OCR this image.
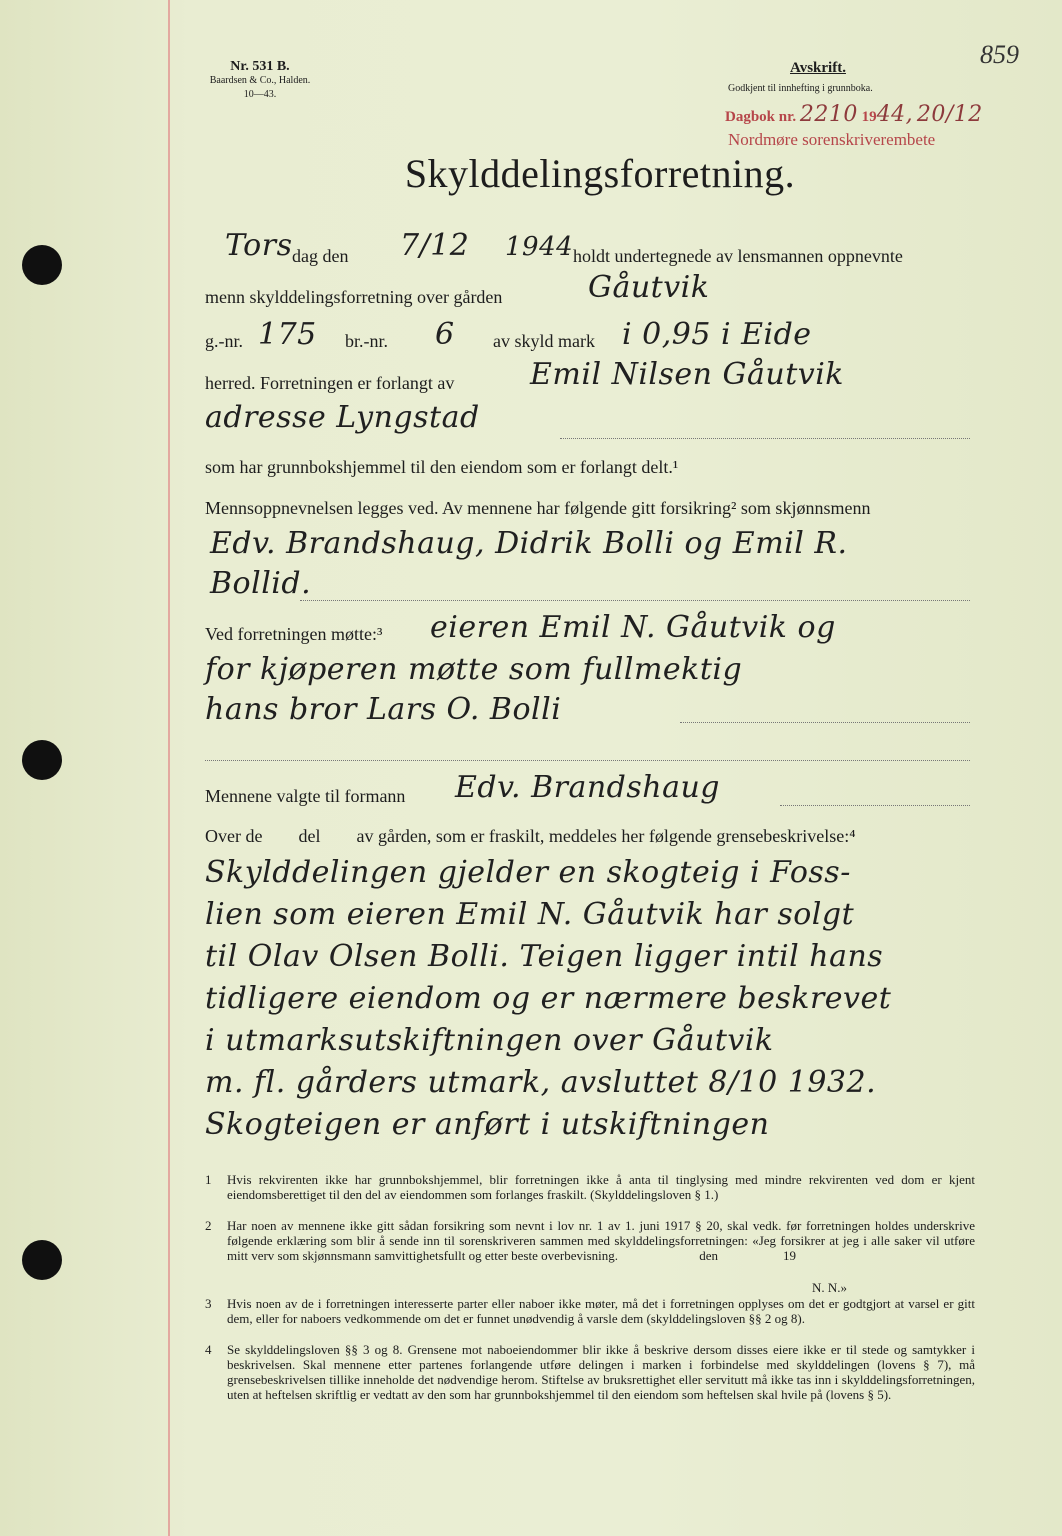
Nr. 531 B.
Baardsen & Co., Halden.
10—43.
Avskrift.
Godkjent til innhefting i grunnboka.
859
Dagbok nr. 2210 1944, 20/12
Nordmøre sorenskriverembete
Skylddelingsforretning.
Tors dag den 7/12 1944 holdt undertegnede av lensmannen oppnevnte
menn skylddelingsforretning over gården	Gåutvik
g.-nr. 175 br.-nr. 6 av skyld mark i 0,95 i Eide
herred. Forretningen er forlangt av	Emil Nilsen Gåutvik
adresse Lyngstad
som har grunnbokshjemmel til den eiendom som er forlangt delt.¹
Mennsoppnevnelsen legges ved. Av mennene har følgende gitt forsikring² som skjønnsmenn
Edv. Brandshaug, Didrik Bolli og Emil R.
Bollid.
Ved forretningen møtte:³ eieren Emil N. Gåutvik og
for kjøperen møtte som fullmektig
hans bror Lars O. Bolli
Mennene valgte til formann Edv. Brandshaug
Over de        del        av gården, som er fraskilt, meddeles her følgende grensebeskrivelse:⁴
Skylddelingen gjelder en skogteig i Foss-
lien som eieren Emil N. Gåutvik har solgt
til Olav Olsen Bolli. Teigen ligger intil hans
tidligere eiendom og er nærmere beskrevet
i utmarksutskiftningen over Gåutvik
m. fl. gårders utmark, avsluttet 8/10 1932.
Skogteigen er anført i utskiftningen
1 Hvis rekvirenten ikke har grunnbokshjemmel, blir forretningen ikke å anta til tinglysing med mindre rekvirenten ved dom er kjent eiendomsberettiget til den del av eiendommen som forlanges fraskilt. (Skylddelingsloven § 1.)
2 Har noen av mennene ikke gitt sådan forsikring som nevnt i lov nr. 1 av 1. juni 1917 § 20, skal vedk. før forretningen holdes underskrive følgende erklæring som blir å sende inn til sorenskriveren sammen med skylddelingsforretningen: «Jeg forsikrer at jeg i alle saker vil utføre mitt verv som skjønnsmann samvittighetsfullt og etter beste overbevisning.                         den                    19
N. N.»
3 Hvis noen av de i forretningen interesserte parter eller naboer ikke møter, må det i forretningen opplyses om det er godtgjort at varsel er gitt dem, eller for naboers vedkommende om det er funnet unødvendig å varsle dem (skylddelingsloven §§ 2 og 8).
4 Se skylddelingsloven §§ 3 og 8. Grensene mot naboeiendommer blir ikke å beskrive dersom disses eiere ikke er til stede og samtykker i beskrivelsen. Skal mennene etter partenes forlangende utføre delingen i marken i forbindelse med skylddelingen (lovens § 7), må grensebeskrivelsen tillike inneholde det nødvendige herom. Stiftelse av bruksrettighet eller servitutt må ikke tas inn i skylddelingsforretningen, uten at heftelsen skriftlig er vedtatt av den som har grunnbokshjemmel til den eiendom som heftelsen skal hvile på (lovens § 5).
